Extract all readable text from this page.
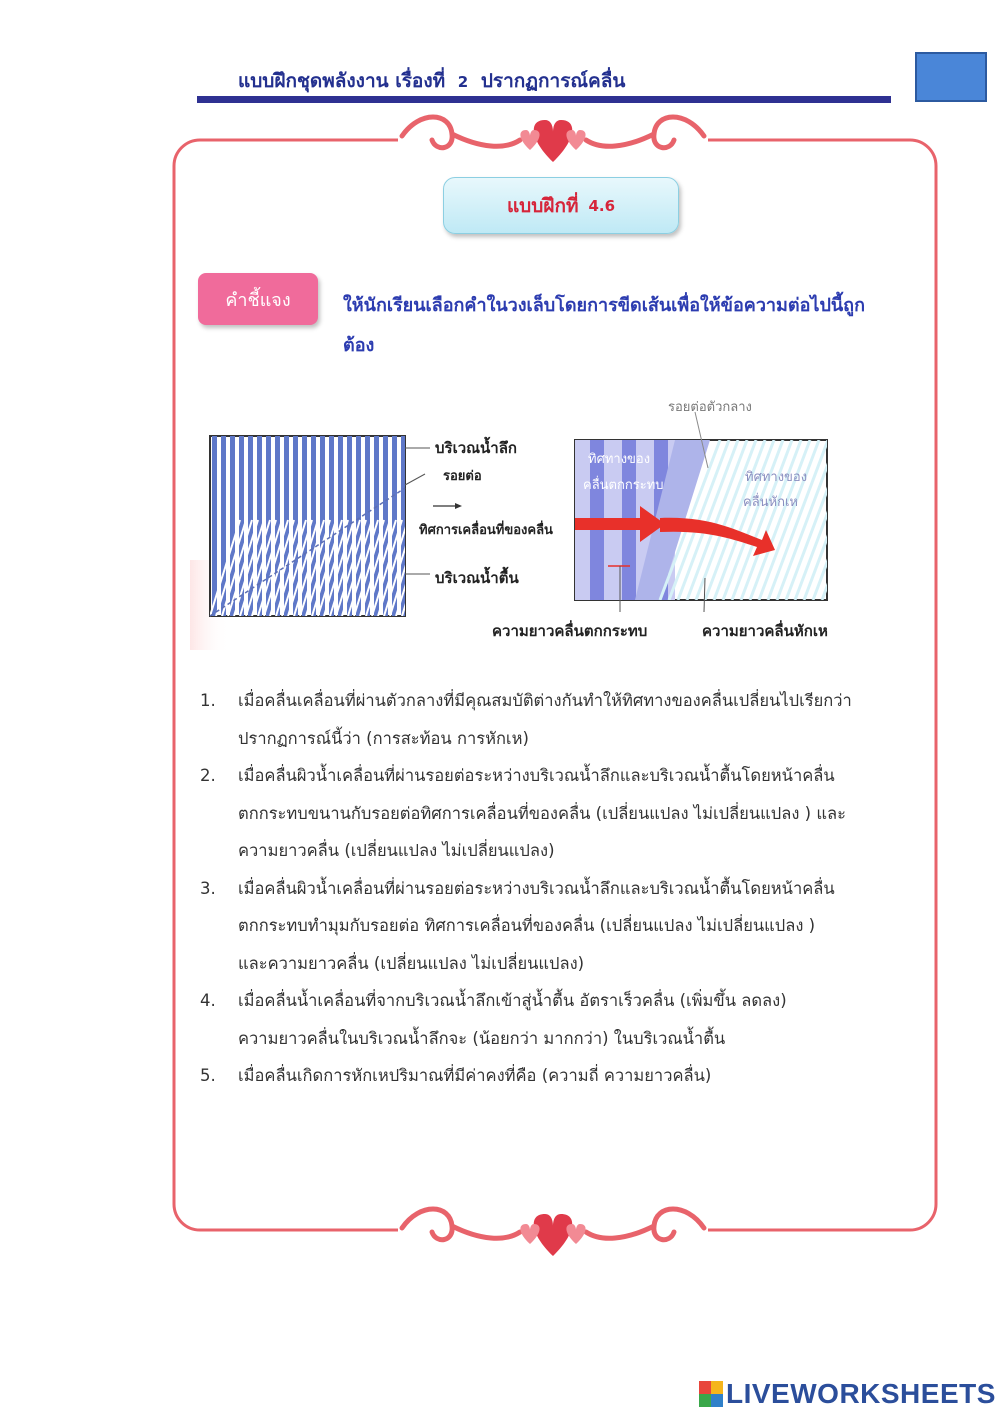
แบบฝึกชุดพลังงาน เรื่องที่ 2 ปรากฏการณ์คลื่น
แบบฝึกที่ 4.6
คำชี้แจง	ให้นักเรียนเลือกคำในวงเล็บโดยการขีดเส้นเพื่อให้ข้อความต่อไปนี้ถูกต้อง
บริเวณน้ำลึก
รอยต่อ
ทิศการเคลื่อนที่ของคลื่น
บริเวณน้ำตื้น
รอยต่อตัวกลาง
ทิศทางของ
คลื่นตกกระทบ
ทิศทางของ
คลื่นหักเห
ความยาวคลื่นตกกระทบ	ความยาวคลื่นหักเห
1.	เมื่อคลื่นเคลื่อนที่ผ่านตัวกลางที่มีคุณสมบัติต่างกันทำให้ทิศทางของคลื่นเปลี่ยนไปเรียกว่า
ปรากฏการณ์นี้ว่า (การสะท้อน การหักเห)
2.	เมื่อคลื่นผิวน้ำเคลื่อนที่ผ่านรอยต่อระหว่างบริเวณน้ำลึกและบริเวณน้ำตื้นโดยหน้าคลื่น
ตกกระทบขนานกับรอยต่อทิศการเคลื่อนที่ของคลื่น (เปลี่ยนแปลง ไม่เปลี่ยนแปลง ) และ
ความยาวคลื่น (เปลี่ยนแปลง ไม่เปลี่ยนแปลง)
3.	เมื่อคลื่นผิวน้ำเคลื่อนที่ผ่านรอยต่อระหว่างบริเวณน้ำลึกและบริเวณน้ำตื้นโดยหน้าคลื่น
ตกกระทบทำมุมกับรอยต่อ ทิศการเคลื่อนที่ของคลื่น (เปลี่ยนแปลง ไม่เปลี่ยนแปลง )
และความยาวคลื่น (เปลี่ยนแปลง ไม่เปลี่ยนแปลง)
4.	เมื่อคลื่นน้ำเคลื่อนที่จากบริเวณน้ำลึกเข้าสู่น้ำตื้น อัตราเร็วคลื่น (เพิ่มขึ้น ลดลง)
ความยาวคลื่นในบริเวณน้ำลึกจะ (น้อยกว่า มากกว่า) ในบริเวณน้ำตื้น
5.	เมื่อคลื่นเกิดการหักเหปริมาณที่มีค่าคงที่คือ (ความถี่ ความยาวคลื่น)
LIVEWORKSHEETS
